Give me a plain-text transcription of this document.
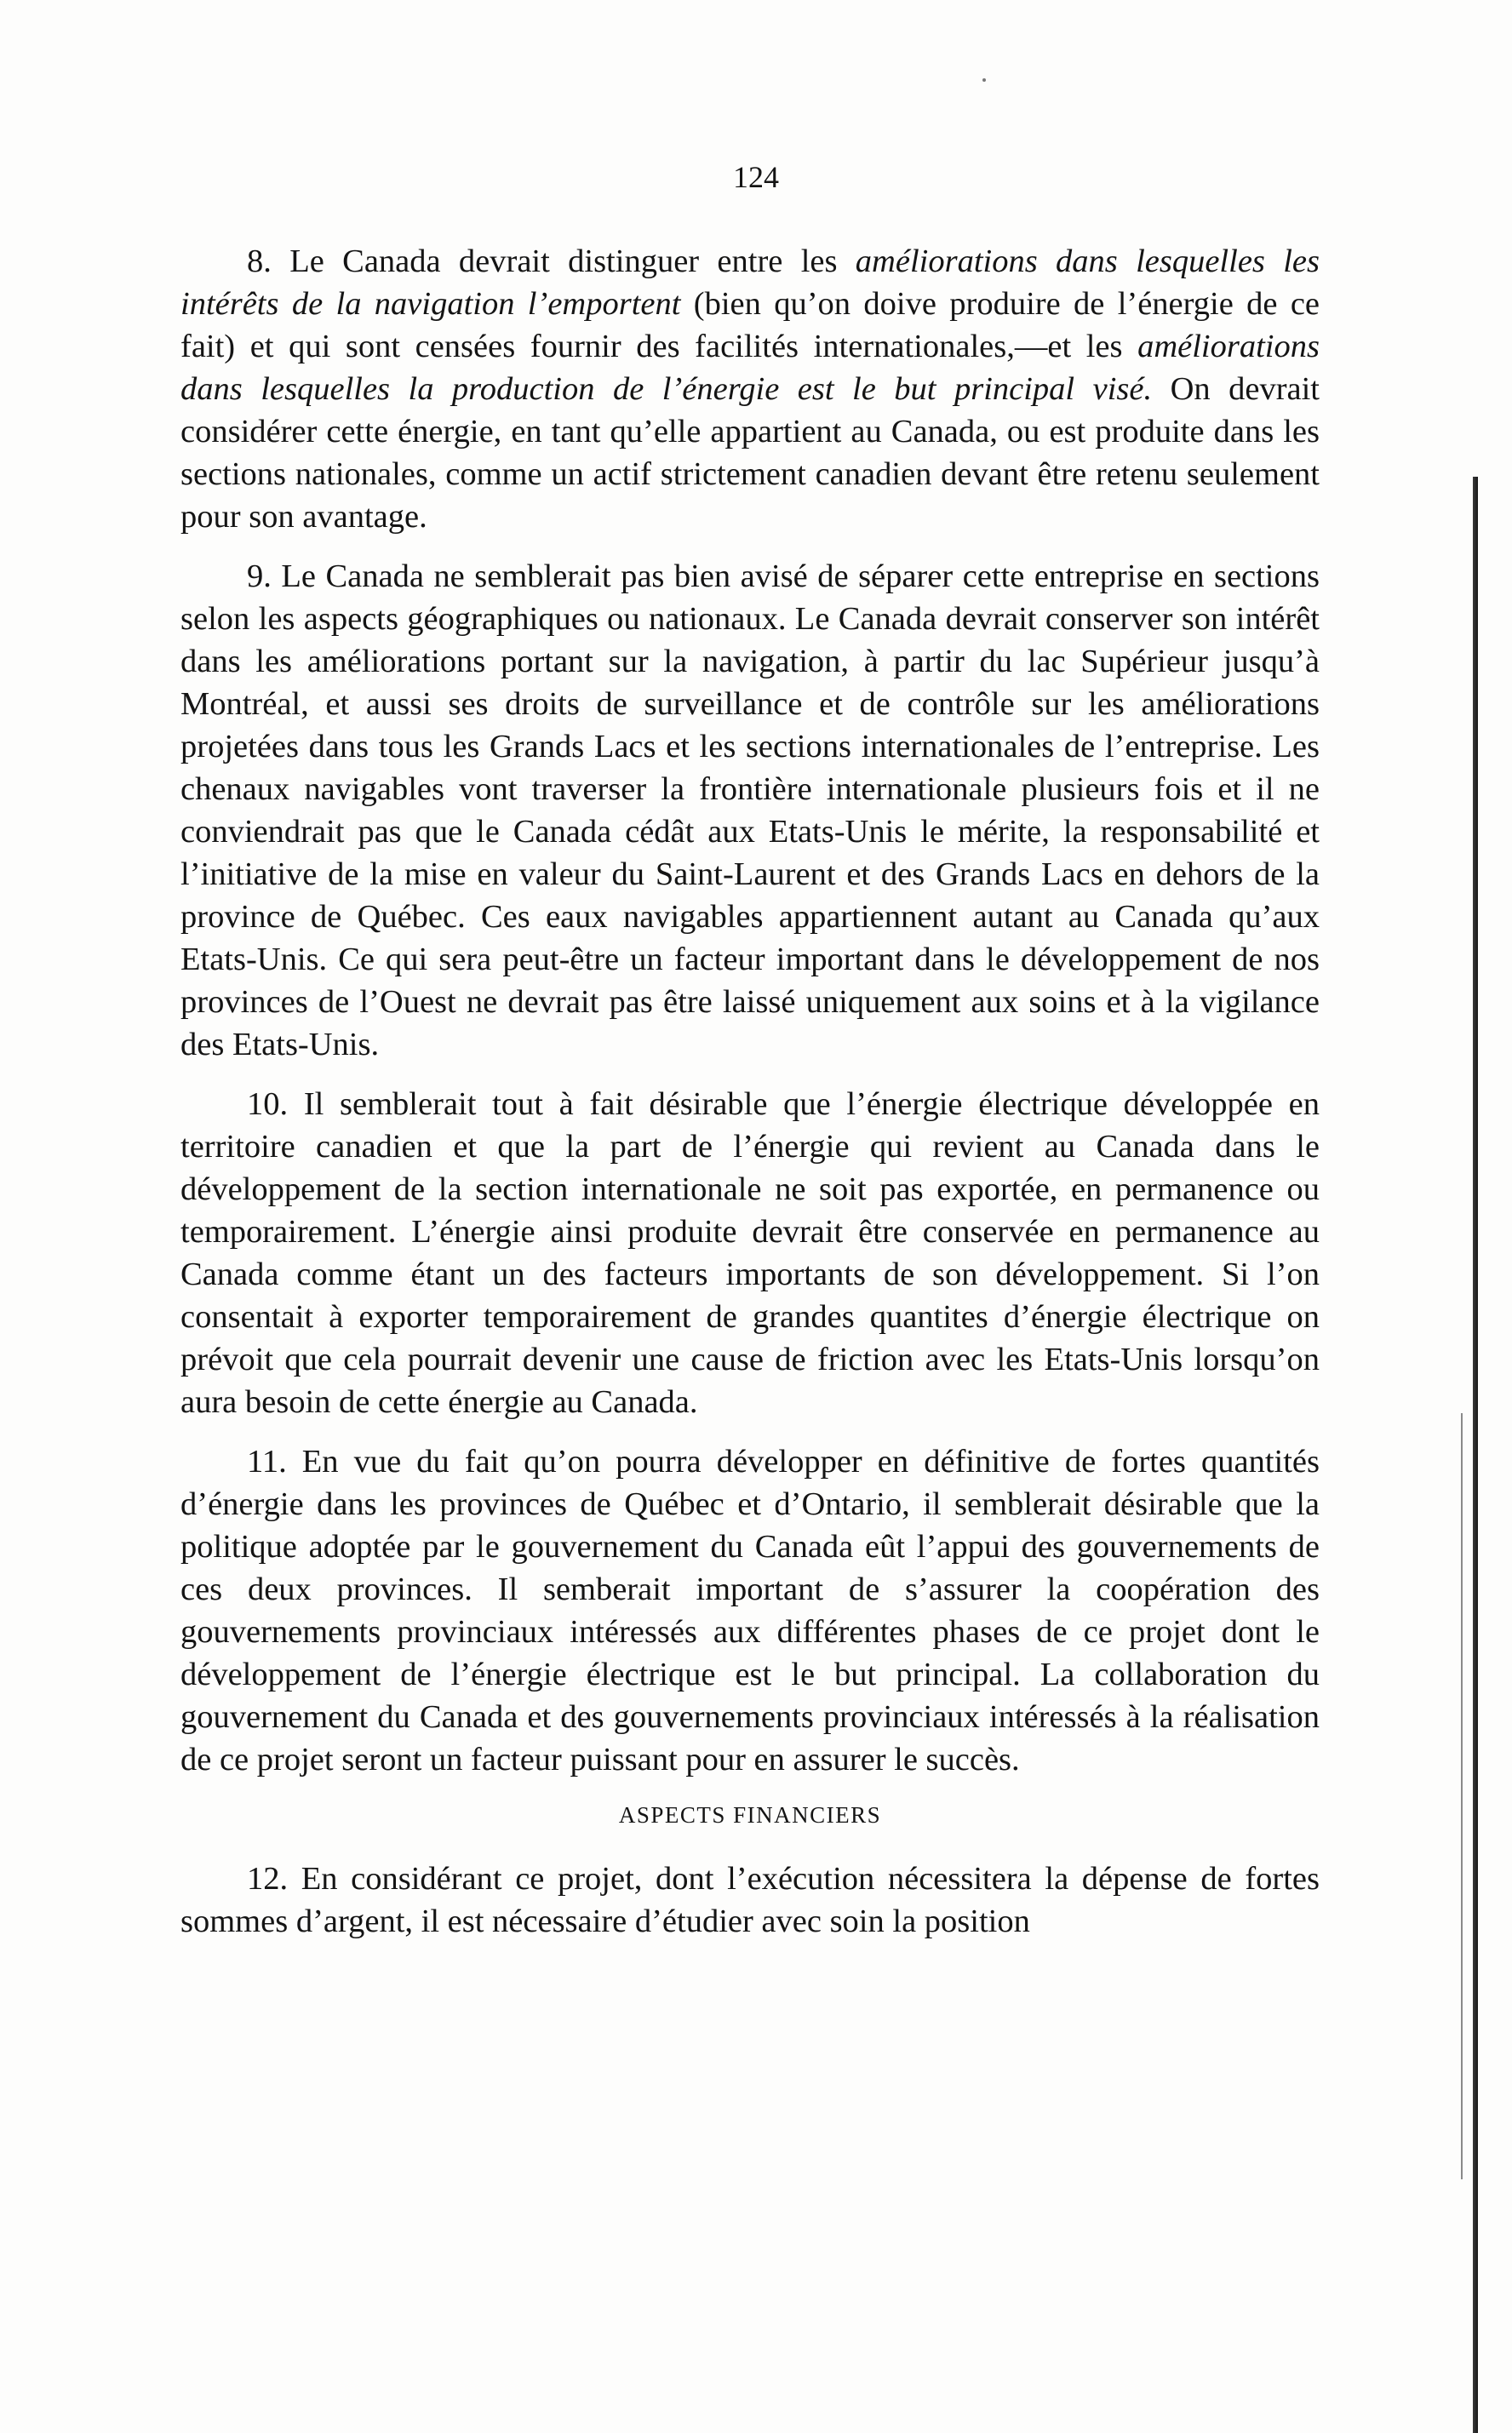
124

8. Le Canada devrait distinguer entre les améliorations dans lesquelles les intérêts de la navigation l’emportent (bien qu’on doive produire de l’énergie de ce fait) et qui sont censées fournir des facilités internationales,—et les améliorations dans lesquelles la production de l’énergie est le but principal visé. On devrait considérer cette énergie, en tant qu’elle appartient au Canada, ou est produite dans les sections nationales, comme un actif strictement canadien devant être retenu seulement pour son avantage.

9. Le Canada ne semblerait pas bien avisé de séparer cette entreprise en sections selon les aspects géographiques ou nationaux. Le Canada devrait conserver son intérêt dans les améliorations portant sur la navigation, à partir du lac Supérieur jusqu’à Montréal, et aussi ses droits de surveillance et de contrôle sur les améliorations projetées dans tous les Grands Lacs et les sections internationales de l’entreprise. Les chenaux navigables vont traverser la frontière internationale plusieurs fois et il ne conviendrait pas que le Canada cédât aux Etats-Unis le mérite, la responsabilité et l’initiative de la mise en valeur du Saint-Laurent et des Grands Lacs en dehors de la province de Québec. Ces eaux navigables appartiennent autant au Canada qu’aux Etats-Unis. Ce qui sera peut-être un facteur important dans le développement de nos provinces de l’Ouest ne devrait pas être laissé uniquement aux soins et à la vigilance des Etats-Unis.

10. Il semblerait tout à fait désirable que l’énergie électrique développée en territoire canadien et que la part de l’énergie qui revient au Canada dans le développement de la section internationale ne soit pas exportée, en permanence ou temporairement. L’énergie ainsi produite devrait être conservée en permanence au Canada comme étant un des facteurs importants de son développement. Si l’on consentait à exporter temporairement de grandes quantites d’énergie électrique on prévoit que cela pourrait devenir une cause de friction avec les Etats-Unis lorsqu’on aura besoin de cette énergie au Canada.

11. En vue du fait qu’on pourra développer en définitive de fortes quantités d’énergie dans les provinces de Québec et d’Ontario, il semblerait désirable que la politique adoptée par le gouvernement du Canada eût l’appui des gouvernements de ces deux provinces. Il semberait important de s’assurer la coopération des gouvernements provinciaux intéressés aux différentes phases de ce projet dont le développement de l’énergie électrique est le but principal. La collaboration du gouvernement du Canada et des gouvernements provinciaux intéressés à la réalisation de ce projet seront un facteur puissant pour en assurer le succès.

ASPECTS FINANCIERS

12. En considérant ce projet, dont l’exécution nécessitera la dépense de fortes sommes d’argent, il est nécessaire d’étudier avec soin la position
